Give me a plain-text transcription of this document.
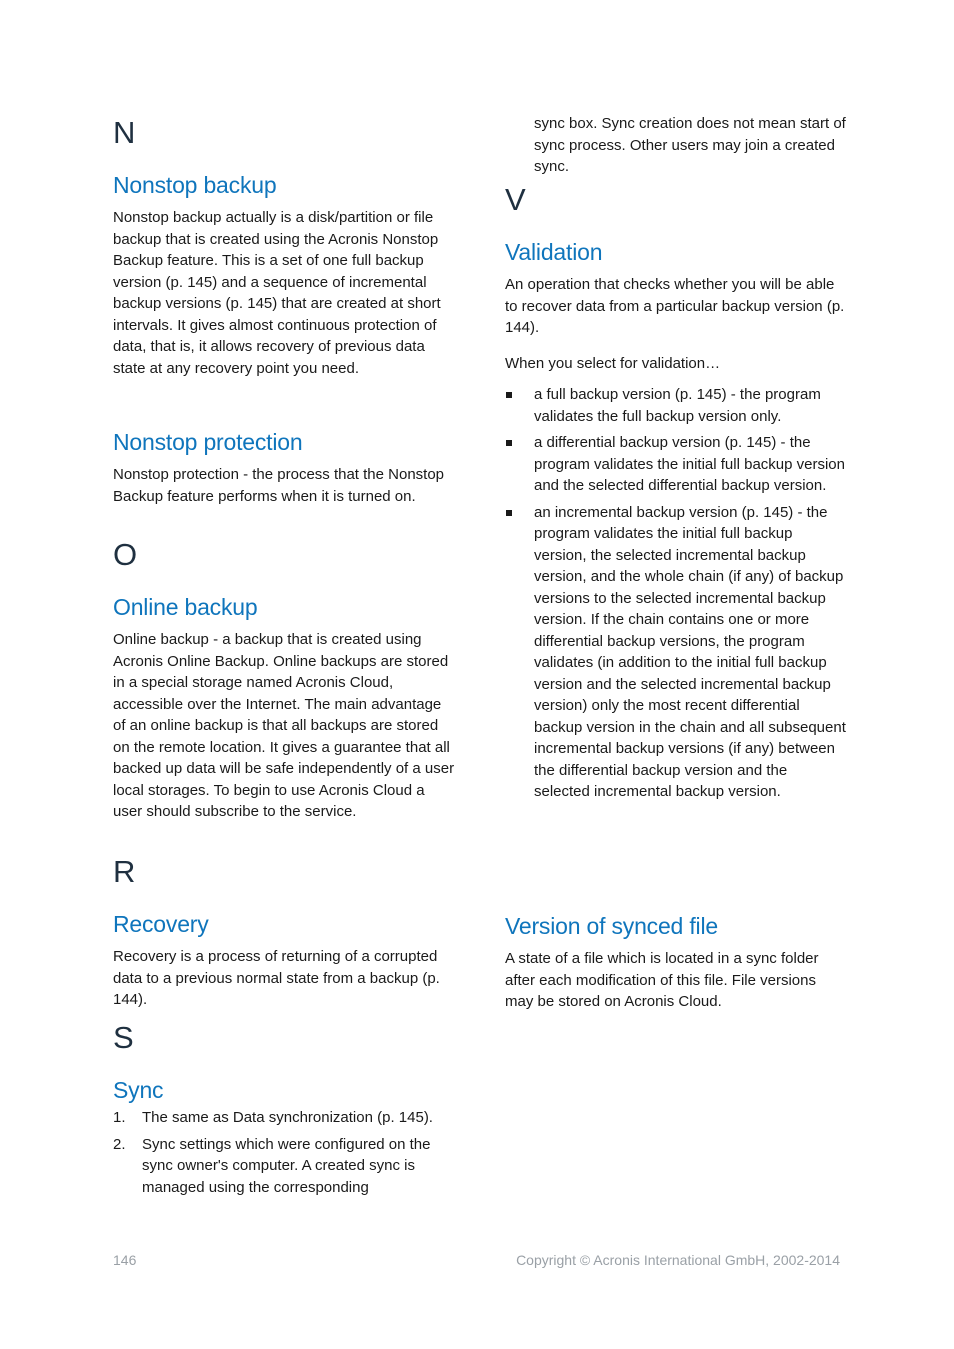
N
Nonstop backup

Nonstop backup actually is a disk/partition or file backup that is created using the Acronis Nonstop Backup feature. This is a set of one full backup version (p. 145) and a sequence of incremental backup versions (p. 145) that are created at short intervals. It gives almost continuous protection of data, that is, it allows recovery of previous data state at any recovery point you need.

Nonstop protection

Nonstop protection - the process that the Nonstop Backup feature performs when it is turned on.

O
Online backup

Online backup - a backup that is created using Acronis Online Backup. Online backups are stored in a special storage named Acronis Cloud, accessible over the Internet. The main advantage of an online backup is that all backups are stored on the remote location. It gives a guarantee that all backed up data will be safe independently of a user local storages. To begin to use Acronis Cloud a user should subscribe to the service.

R
Recovery

Recovery is a process of returning of a corrupted data to a previous normal state from a backup (p. 144).

S
Sync
1. The same as Data synchronization (p. 145).
2. Sync settings which were configured on the sync owner's computer. A created sync is managed using the corresponding

sync box. Sync creation does not mean start of sync process. Other users may join a created sync.

V
Validation

An operation that checks whether you will be able to recover data from a particular backup version (p. 144).

When you select for validation…

a full backup version (p. 145) - the program validates the full backup version only.
a differential backup version (p. 145) - the program validates the initial full backup version and the selected differential backup version.
an incremental backup version (p. 145) - the program validates the initial full backup version, the selected incremental backup version, and the whole chain (if any) of backup versions to the selected incremental backup version. If the chain contains one or more differential backup versions, the program validates (in addition to the initial full backup version and the selected incremental backup version) only the most recent differential backup version in the chain and all subsequent incremental backup versions (if any) between the differential backup version and the selected incremental backup version.
Version of synced file

A state of a file which is located in a sync folder after each modification of this file. File versions may be stored on Acronis Cloud.

146	Copyright © Acronis International GmbH, 2002-2014
